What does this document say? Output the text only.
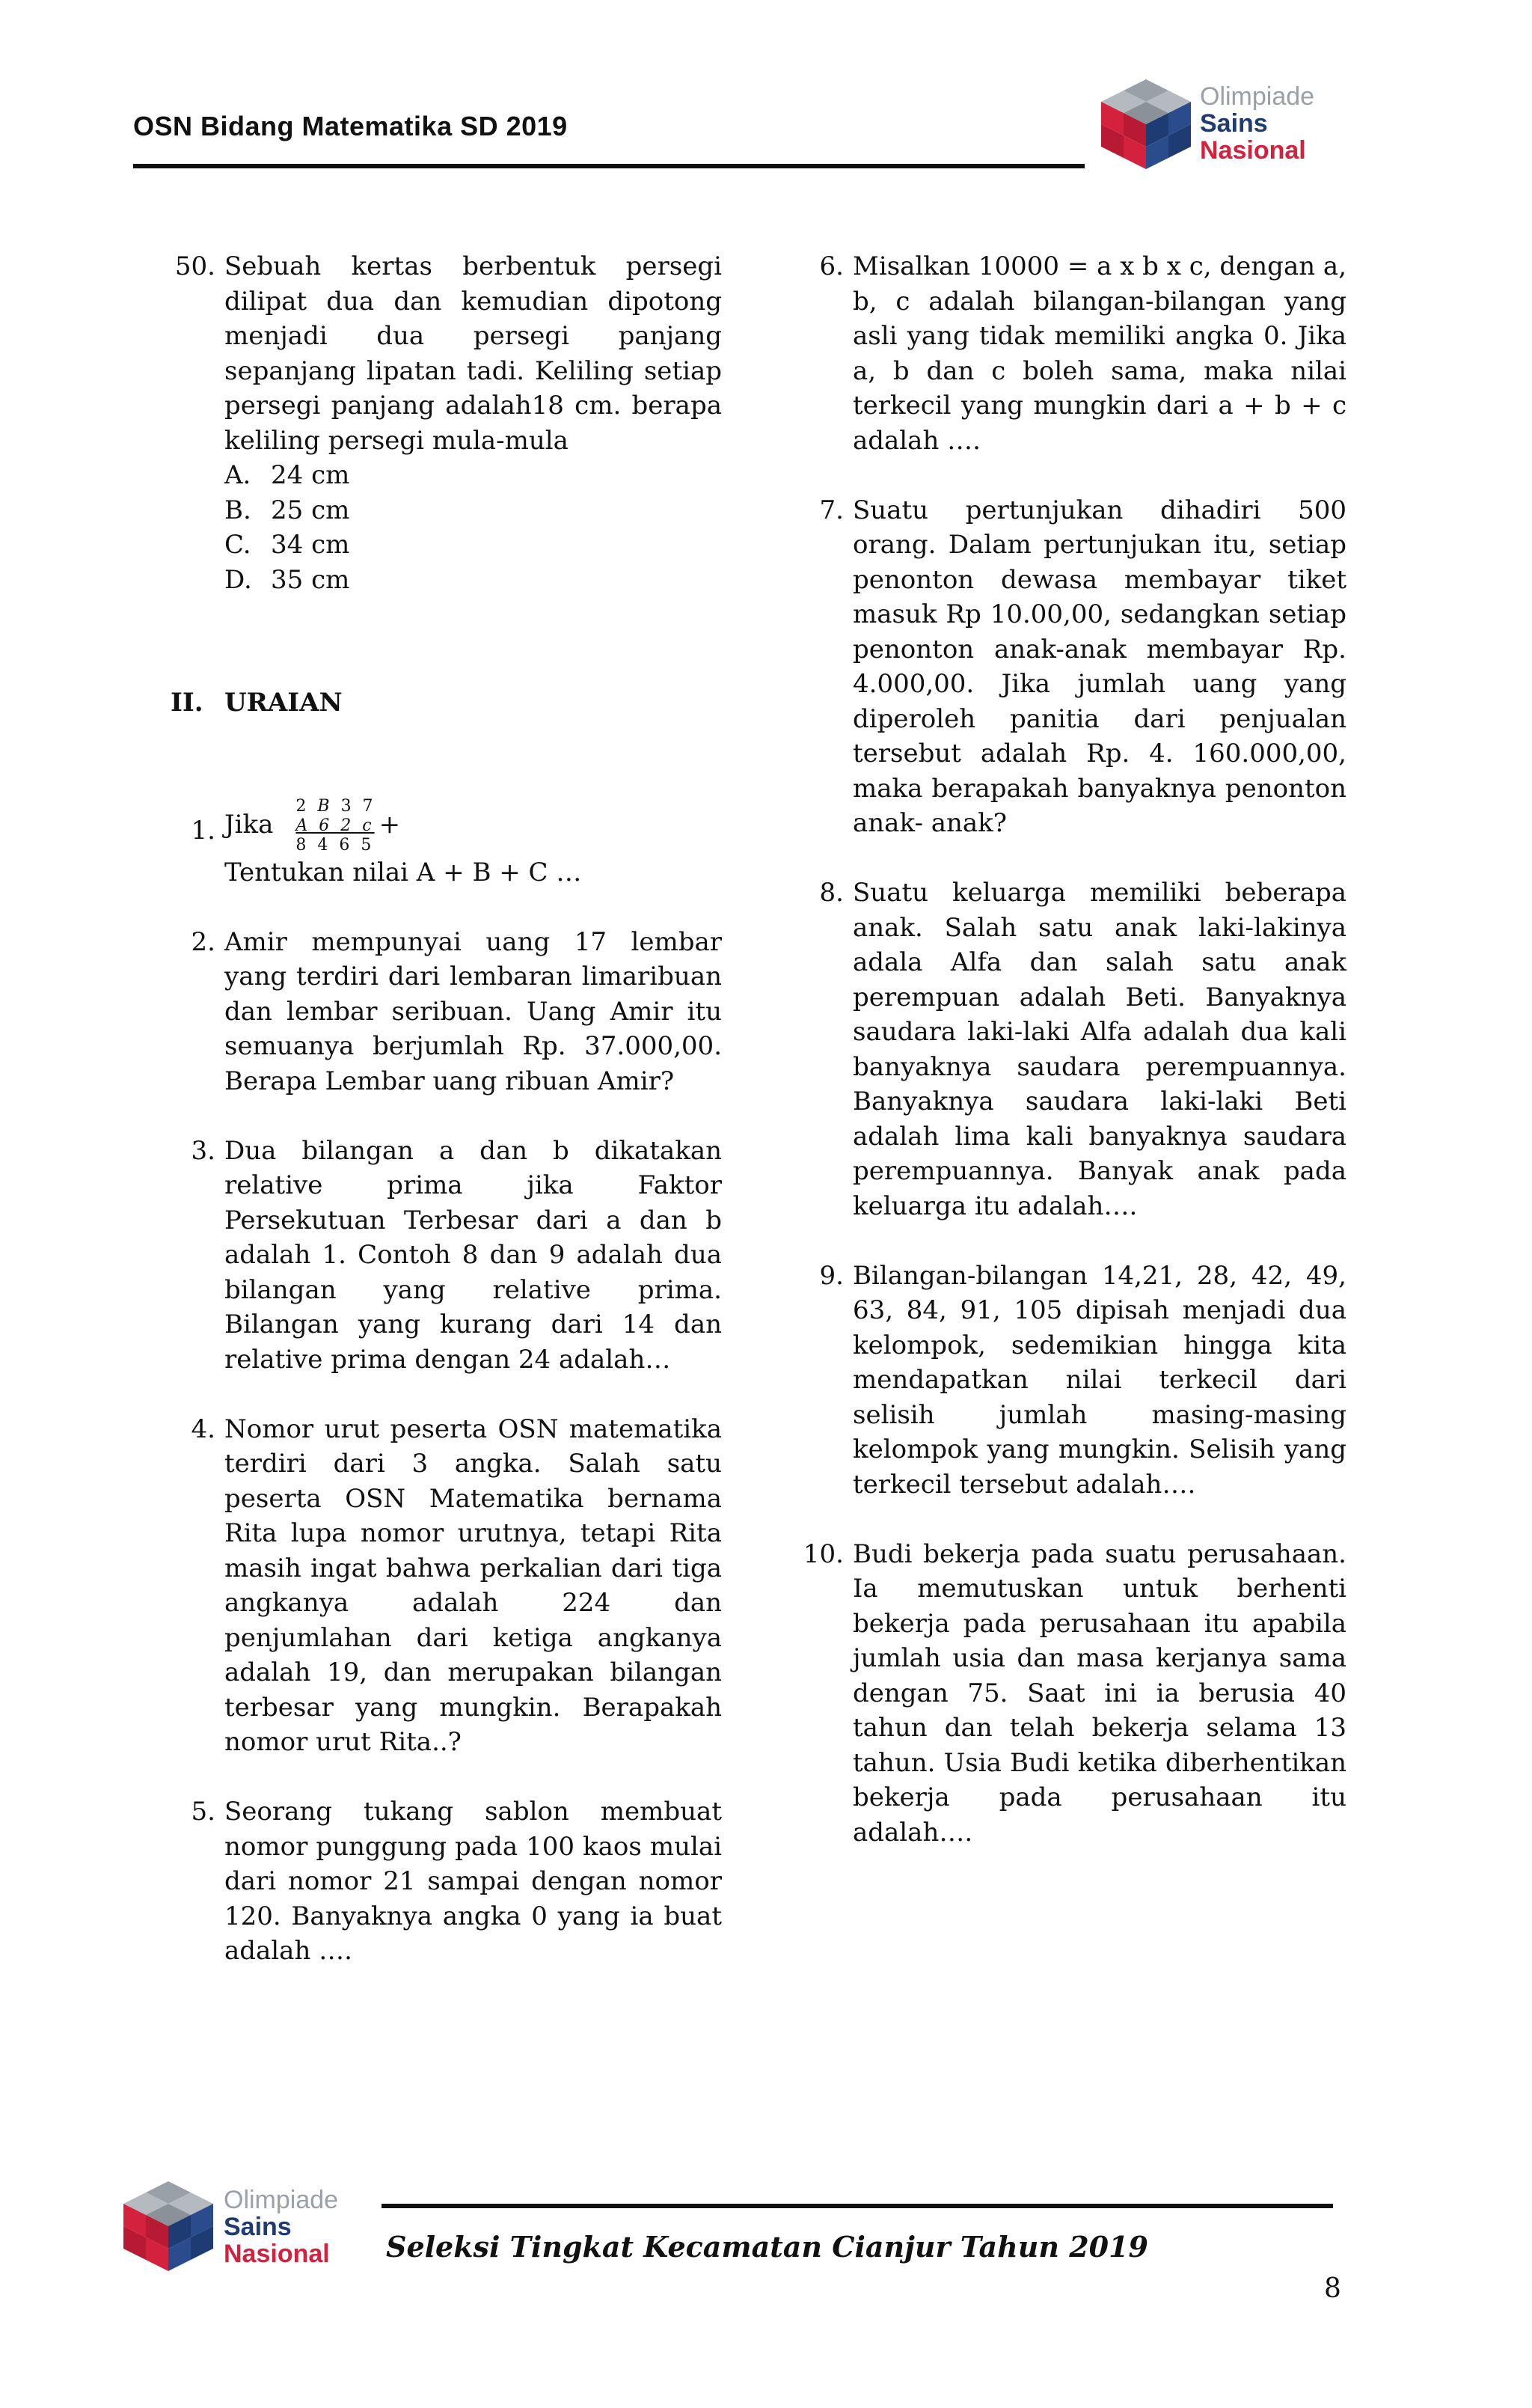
OSN Bidang Matematika SD 2019
Olimpiade
Sains
Nasional
50. Sebuah kertas berbentuk persegi dilipat dua dan kemudian dipotong menjadi dua persegi panjang sepanjang lipatan tadi. Keliling setiap persegi panjang adalah18 cm. berapa keliling persegi mula-mula
A. 24 cm
B. 25 cm
C. 34 cm
D. 35 cm
II. URAIAN
1. Jika
2 B 3 7
A 6 2 c
8 4 6 5
+
Tentukan nilai A + B + C …
2. Amir mempunyai uang 17 lembar yang terdiri dari lembaran limaribuan dan lembar seribuan. Uang Amir itu semuanya berjumlah Rp. 37.000,00. Berapa Lembar uang ribuan Amir?
3. Dua bilangan a dan b dikatakan relative prima jika Faktor Persekutuan Terbesar dari a dan b adalah 1. Contoh 8 dan 9 adalah dua bilangan yang relative prima. Bilangan yang kurang dari 14 dan relative prima dengan 24 adalah…
4. Nomor urut peserta OSN matematika terdiri dari 3 angka. Salah satu peserta OSN Matematika bernama Rita lupa nomor urutnya, tetapi Rita masih ingat bahwa perkalian dari tiga angkanya adalah 224 dan penjumlahan dari ketiga angkanya adalah 19, dan merupakan bilangan terbesar yang mungkin. Berapakah nomor urut Rita..?
5. Seorang tukang sablon membuat nomor punggung pada 100 kaos mulai dari nomor 21 sampai dengan nomor 120. Banyaknya angka 0 yang ia buat adalah ….
6. Misalkan 10000 = a x b x c, dengan a, b, c adalah bilangan-bilangan yang asli yang tidak memiliki angka 0. Jika a, b dan c boleh sama, maka nilai terkecil yang mungkin dari a + b + c adalah ….
7. Suatu pertunjukan dihadiri 500 orang. Dalam pertunjukan itu, setiap penonton dewasa membayar tiket masuk Rp 10.00,00, sedangkan setiap penonton anak-anak membayar Rp. 4.000,00. Jika jumlah uang yang diperoleh panitia dari penjualan tersebut adalah Rp. 4. 160.000,00, maka berapakah banyaknya penonton anak- anak?
8. Suatu keluarga memiliki beberapa anak. Salah satu anak laki-lakinya adala Alfa dan salah satu anak perempuan adalah Beti. Banyaknya saudara laki-laki Alfa adalah dua kali banyaknya saudara perempuannya. Banyaknya saudara laki-laki Beti adalah lima kali banyaknya saudara perempuannya. Banyak anak pada keluarga itu adalah….
9. Bilangan-bilangan 14,21, 28, 42, 49, 63, 84, 91, 105 dipisah menjadi dua kelompok, sedemikian hingga kita mendapatkan nilai terkecil dari selisih jumlah masing-masing kelompok yang mungkin. Selisih yang terkecil tersebut adalah….
10. Budi bekerja pada suatu perusahaan. Ia memutuskan untuk berhenti bekerja pada perusahaan itu apabila jumlah usia dan masa kerjanya sama dengan 75. Saat ini ia berusia 40 tahun dan telah bekerja selama 13 tahun. Usia Budi ketika diberhentikan bekerja pada perusahaan itu adalah….
Olimpiade
Sains
Nasional Seleksi Tingkat Kecamatan Cianjur Tahun 2019
8
